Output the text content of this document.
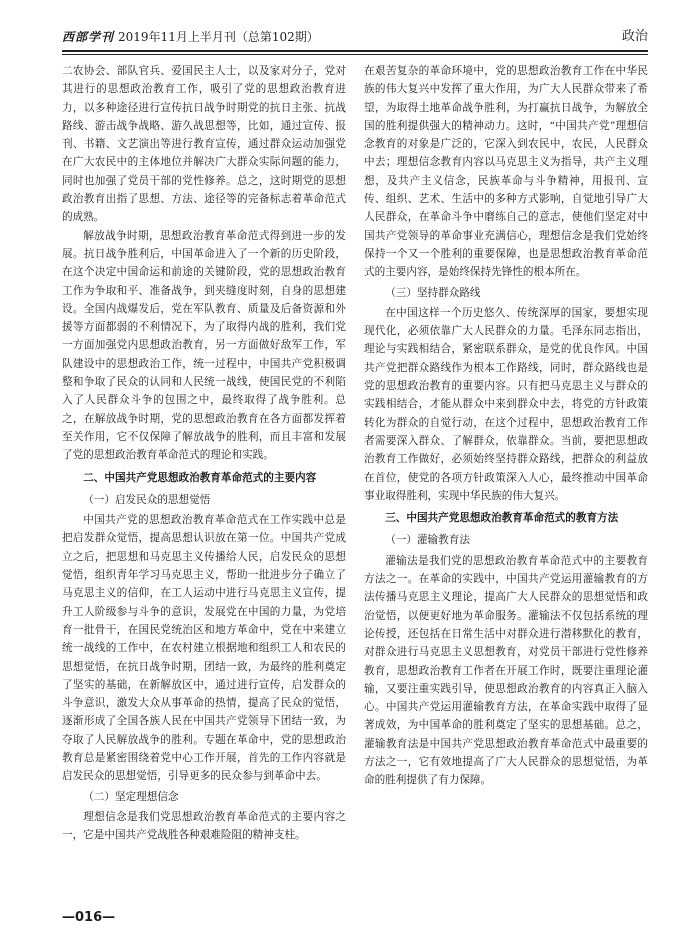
西部学刊 2019年11月上半月刊（总第102期）	政治

二农协会、部队官兵、爱国民主人士，以及家对分子，党对其进行的思想政治教育工作，吸引了党的思想政治教育进力，以多种途径进行宣传抗日战争时期党的抗日主张、抗战路线、游击战争战略、游久战思想等，比如，通过宣传、报刊、书籍、文艺演出等进行教育宣传，通过群众运动加强党在广大农民中的主体地位并解决广大群众实际问题的能力，同时也加强了党员干部的党性修养。总之，这时期党的思想政治教育出指了思想、方法、途径等的完备标志着革命范式的成熟。

解放战争时期，思想政治教育革命范式得到进一步的发展。抗日战争胜利后，中国革命进入了一个新的历史阶段，在这个决定中国命运和前途的关键阶段，党的思想政治教育工作为争取和平、准备战争，到夹缝度时刻，自身的思想建设。全国内战爆发后，党在军队教育、质量及后备资源和外援等方面都弱的不利情况下，为了取得内战的胜利，我们党一方面加强党内思想政治教育，另一方面做好敌军工作，军队建设中的思想政治工作，统一过程中，中国共产党积极调整和争取了民众的认同和人民统一战线，使国民党的不利陷入了人民群众斗争的包围之中，最终取得了战争胜利。总之，在解放战争时期，党的思想政治教育在各方面都发挥着至关作用，它不仅保障了解放战争的胜利，而且丰富和发展了党的思想政治教育革命范式的理论和实践。

二、中国共产党思想政治教育革命范式的主要内容
（一）启发民众的思想觉悟

中国共产党的思想政治教育革命范式在工作实践中总是把启发群众觉悟，提高思想认识放在第一位。中国共产党成立之后，把思想和马克思主义传播给人民，启发民众的思想觉悟，组织青年学习马克思主义，帮助一批进步分子确立了马克思主义的信仰，在工人运动中进行马克思主义宣传，提升工人阶级参与斗争的意识，发展党在中国的力量，为党培育一批骨干，在国民党统治区和地方革命中，党在中来建立统一战线的工作中，在农村建立根据地和组织工人和农民的思想觉悟，在抗日战争时期，团结一致，为最终的胜利奠定了坚实的基础，在新解放区中，通过进行宣传，启发群众的斗争意识，激发大众从事革命的热情，提高了民众的觉悟，逐渐形成了全国各族人民在中国共产党领导下团结一致，为夺取了人民解放战争的胜利。专题在革命中，党的思想政治教育总是紧密围绕着党中心工作开展，首先的工作内容就是启发民众的思想觉悟，引导更多的民众参与到革命中去。

（二）坚定理想信念

理想信念是我们党思想政治教育革命范式的主要内容之一，它是中国共产党战胜各种艰难险阻的精神支柱。

在艰苦复杂的革命环境中，党的思想政治教育工作在中华民族的伟大复兴中发挥了重大作用，为广大人民群众带来了希望，为取得土地革命战争胜利，为打赢抗日战争，为解放全国的胜利提供强大的精神动力。这时，“中国共产党”理想信念教育的对象是广泛的，它深入到农民中，农民，人民群众中去；理想信念教育内容以马克思主义为指导，共产主义理想，及共产主义信念，民族革命与斗争精神，用报刊、宣传、组织、艺术、生活中的多种方式影响，自觉地引导广大人民群众，在革命斗争中磨练自己的意志，使他们坚定对中国共产党领导的革命事业充满信心，理想信念是我们党始终保持一个又一个胜利的重要保障，也是思想政治教育革命范式的主要内容，是始终保持先锋性的根本所在。

（三）坚持群众路线

在中国这样一个历史悠久、传统深厚的国家，要想实现现代化，必须依靠广大人民群众的力量。毛泽东同志指出，理论与实践相结合，紧密联系群众，是党的优良作风。中国共产党把群众路线作为根本工作路线，同时，群众路线也是党的思想政治教育的重要内容。只有把马克思主义与群众的实践相结合，才能从群众中来到群众中去，将党的方针政策转化为群众的自觉行动，在这个过程中，思想政治教育工作者需要深入群众、了解群众，依靠群众。当前，要把思想政治教育工作做好，必须始终坚持群众路线，把群众的利益放在首位，使党的各项方针政策深入人心，最终推动中国革命事业取得胜利，实现中华民族的伟大复兴。

三、中国共产党思想政治教育革命范式的教育方法
（一）灌输教育法

灌输法是我们党的思想政治教育革命范式中的主要教育方法之一。在革命的实践中，中国共产党运用灌输教育的方法传播马克思主义理论，提高广大人民群众的思想觉悟和政治觉悟，以便更好地为革命服务。灌输法不仅包括系统的理论传授，还包括在日常生活中对群众进行潜移默化的教育，对群众进行马克思主义思想教育，对党员干部进行党性修养教育，思想政治教育工作者在开展工作时，既要注重理论灌输，又要注重实践引导，使思想政治教育的内容真正入脑入心。中国共产党运用灌输教育方法，在革命实践中取得了显著成效，为中国革命的胜利奠定了坚实的思想基础。总之，灌输教育法是中国共产党思想政治教育革命范式中最重要的方法之一，它有效地提高了广大人民群众的思想觉悟，为革命的胜利提供了有力保障。

—016—
